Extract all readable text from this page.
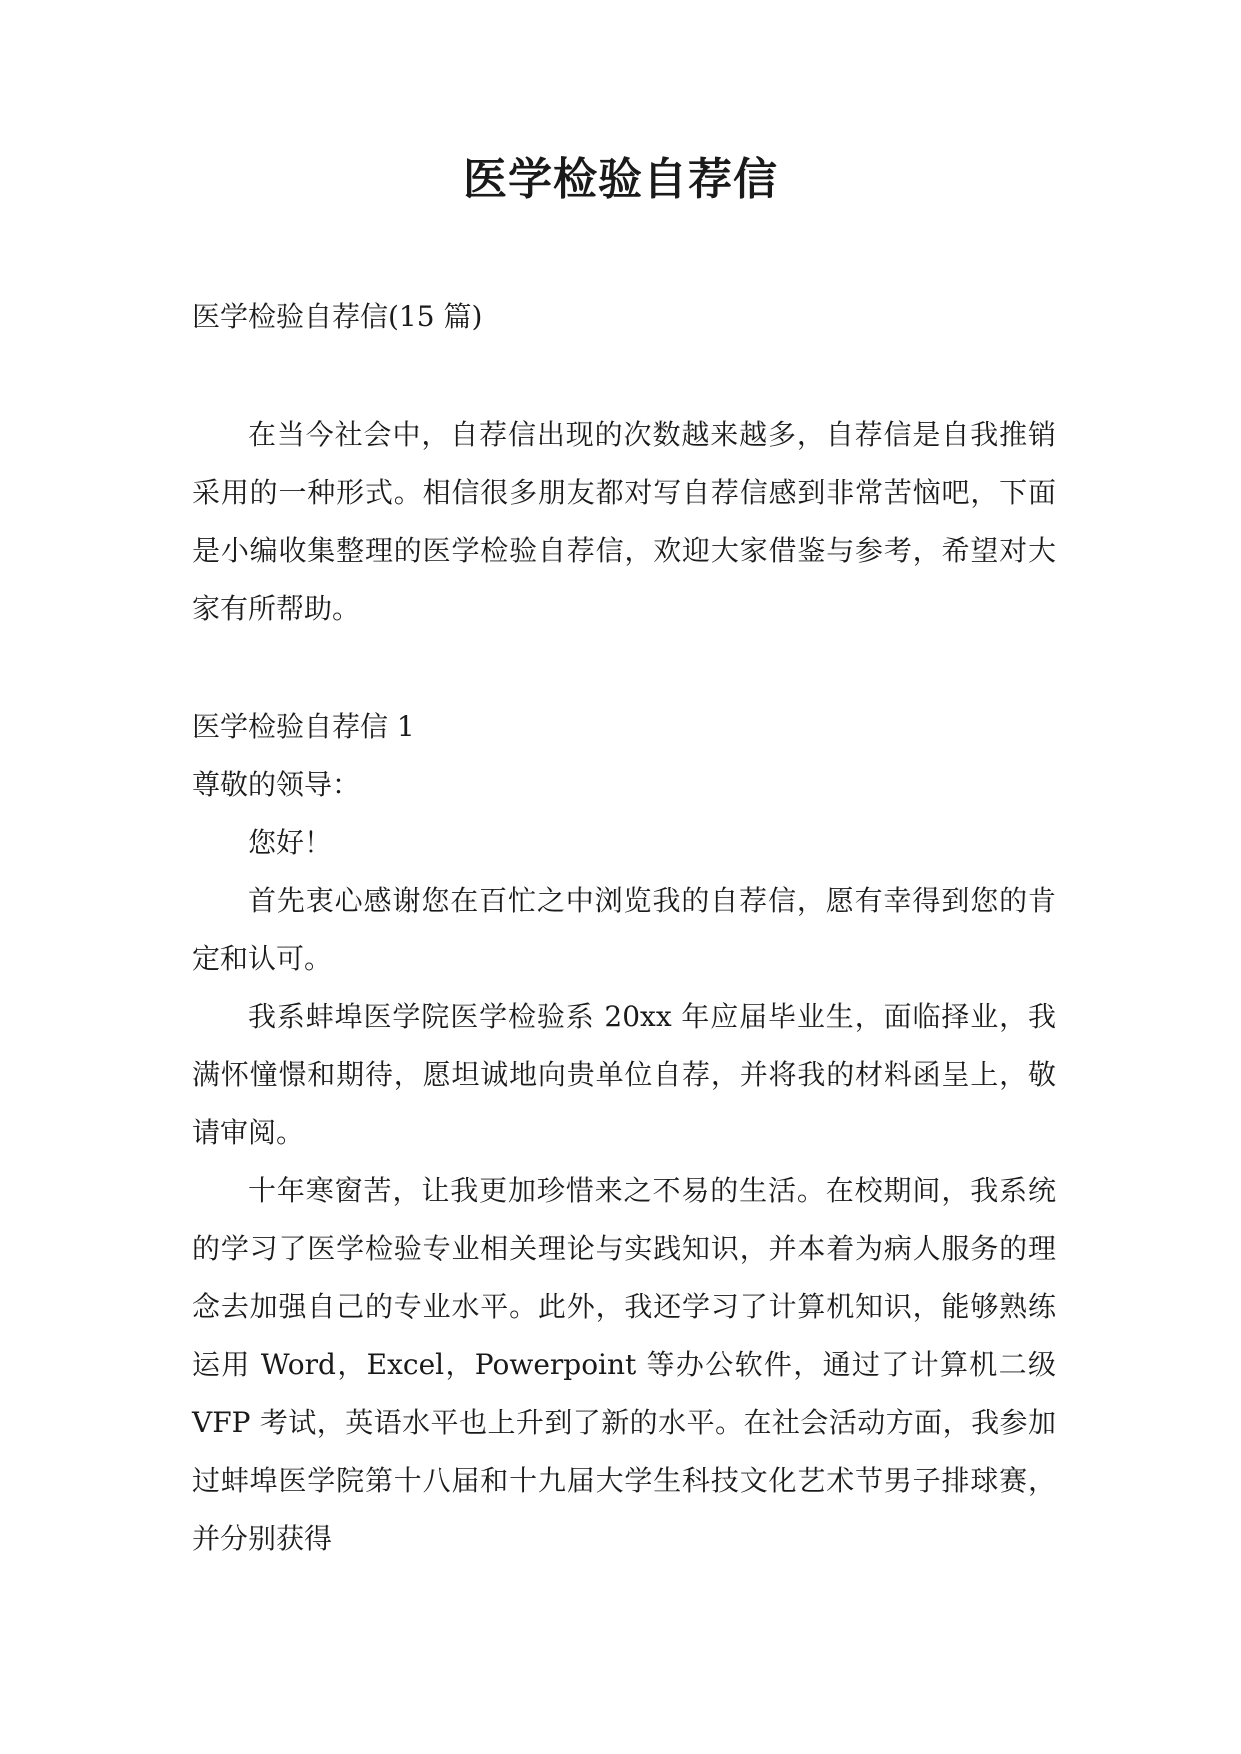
医学检验自荐信

医学检验自荐信(15 篇)

在当今社会中，自荐信出现的次数越来越多，自荐信是自我推销采用的一种形式。相信很多朋友都对写自荐信感到非常苦恼吧，下面是小编收集整理的医学检验自荐信，欢迎大家借鉴与参考，希望对大家有所帮助。

医学检验自荐信 1

尊敬的领导：

您好！

首先衷心感谢您在百忙之中浏览我的自荐信，愿有幸得到您的肯定和认可。

我系蚌埠医学院医学检验系 20xx 年应届毕业生，面临择业，我满怀憧憬和期待，愿坦诚地向贵单位自荐，并将我的材料函呈上，敬请审阅。

十年寒窗苦，让我更加珍惜来之不易的生活。在校期间，我系统的学习了医学检验专业相关理论与实践知识，并本着为病人服务的理念去加强自己的专业水平。此外，我还学习了计算机知识，能够熟练运用 Word，Excel，Powerpoint 等办公软件，通过了计算机二级 VFP 考试，英语水平也上升到了新的水平。在社会活动方面，我参加过蚌埠医学院第十八届和十九届大学生科技文化艺术节男子排球赛，并分别获得
